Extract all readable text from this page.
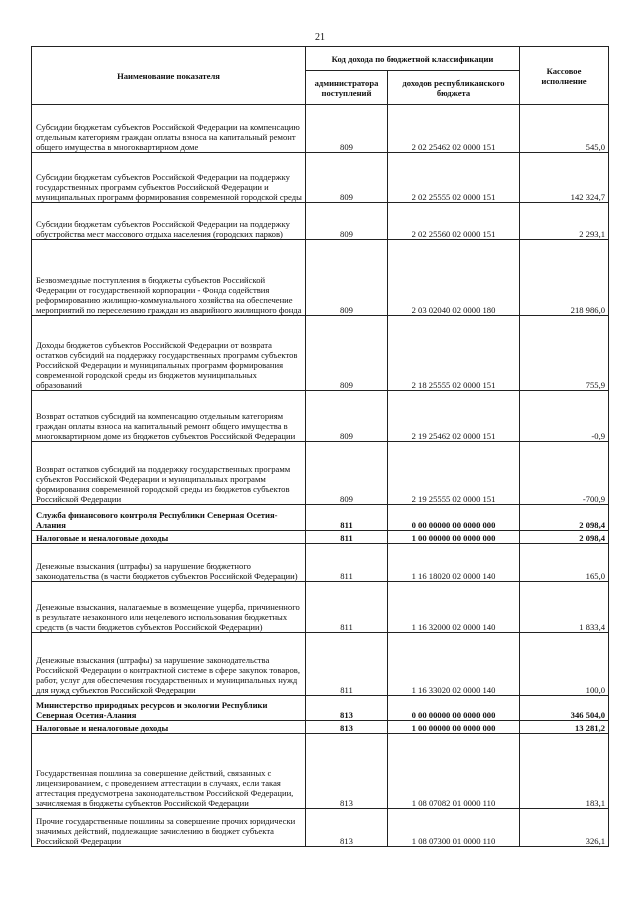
21
Наименование показателя	Код дохода по бюджетной классификации		Кассовое исполнение
	администратора поступлений	доходов республиканского бюджета	
Субсидии бюджетам субъектов Российской Федерации на компенсацию отдельным категориям граждан оплаты взноса на капитальный ремонт общего имущества в многоквартирном доме	809	2 02 25462 02 0000 151	545,0
Субсидии бюджетам субъектов Российской Федерации на поддержку государственных программ субъектов Российской Федерации и муниципальных программ формирования современной городской среды	809	2 02 25555 02 0000 151	142 324,7
Субсидии бюджетам субъектов Российской Федерации на поддержку обустройства мест массового отдыха населения (городских парков)	809	2 02 25560 02 0000 151	2 293,1
Безвозмездные поступления в бюджеты субъектов Российской Федерации от государственной корпорации - Фонда содействия реформированию жилищно-коммунального хозяйства на обеспечение мероприятий по переселению граждан из аварийного жилищного фонда	809	2 03 02040 02 0000 180	218 986,0
Доходы бюджетов субъектов Российской Федерации от возврата остатков субсидий на поддержку государственных программ субъектов Российской Федерации и муниципальных программ формирования современной городской среды из бюджетов муниципальных образований	809	2 18 25555 02 0000 151	755,9
Возврат остатков субсидий на компенсацию отдельным категориям граждан оплаты взноса на капитальный ремонт общего имущества в многоквартирном доме из бюджетов субъектов Российской Федерации	809	2 19 25462 02 0000 151	-0,9
Возврат остатков субсидий на поддержку государственных программ субъектов Российской Федерации и муниципальных программ формирования современной городской среды из бюджетов субъектов Российской Федерации	809	2 19 25555 02 0000 151	-700,9
Служба финансового контроля Республики Северная Осетия-Алания	811	0 00 00000 00 0000 000	2 098,4
Налоговые и неналоговые доходы	811	1 00 00000 00 0000 000	2 098,4
Денежные взыскания (штрафы) за нарушение бюджетного законодательства (в части бюджетов субъектов Российской Федерации)	811	1 16 18020 02 0000 140	165,0
Денежные взыскания, налагаемые в возмещение ущерба, причиненного в результате незаконного или нецелевого использования бюджетных средств (в части бюджетов субъектов Российской Федерации)	811	1 16 32000 02 0000 140	1 833,4
Денежные взыскания (штрафы) за нарушение законодательства Российской Федерации о контрактной системе в сфере закупок товаров, работ, услуг для обеспечения государственных и муниципальных нужд для нужд субъектов Российской Федерации	811	1 16 33020 02 0000 140	100,0
Министерство природных ресурсов и экологии Республики Северная Осетия-Алания	813	0 00 00000 00 0000 000	346 504,0
Налоговые и неналоговые доходы	813	1 00 00000 00 0000 000	13 281,2
Государственная пошлина за совершение действий, связанных с лицензированием, с проведением аттестации в случаях, если такая аттестация предусмотрена законодательством Российской Федерации, зачисляемая в бюджеты субъектов Российской Федерации	813	1 08 07082 01 0000 110	183,1
Прочие государственные пошлины за совершение прочих юридически значимых действий, подлежащие зачислению в бюджет субъекта Российской Федерации	813	1 08 07300 01 0000 110	326,1
